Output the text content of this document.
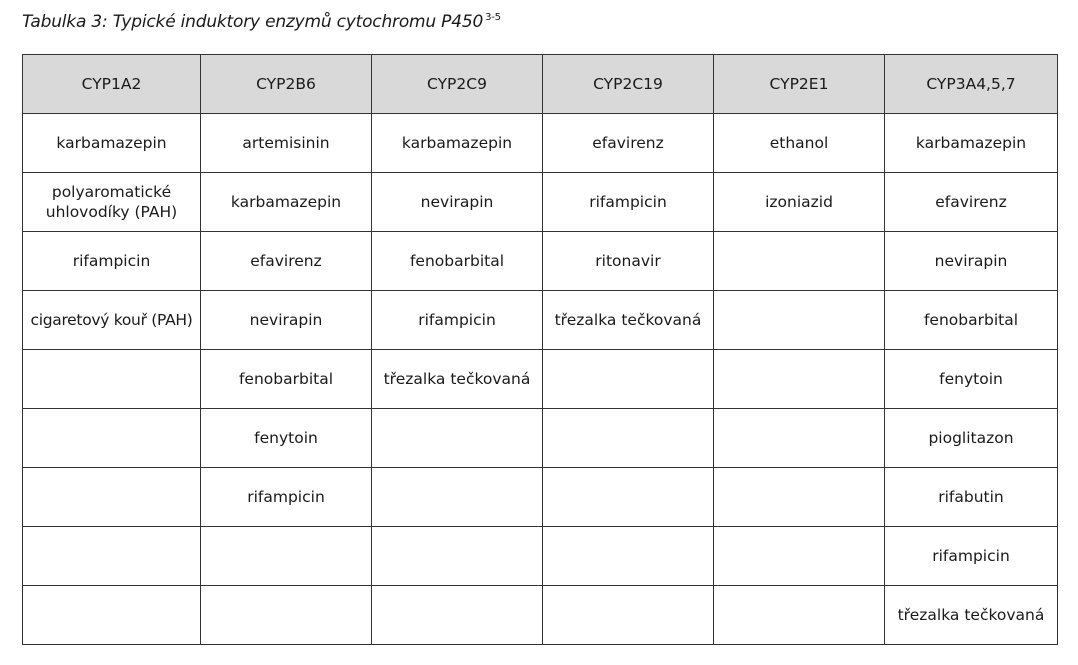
Tabulka 3: Typické induktory enzymů cytochromu P450 $^{3-5}$
CYP1A2	CYP2B6	CYP2C9	CYP2C19	CYP2E1	CYP3A4,5,7
karbamazepin	artemisinin	karbamazepin	efavirenz	ethanol	karbamazepin
polyaromatické uhlovodíky (PAH)	karbamazepin	nevirapin	rifampicin	izoniazid	efavirenz
rifampicin	efavirenz	fenobarbital	ritonavir		nevirapin
cigaretový kouř (PAH)	nevirapin	rifampicin	třezalka tečkovaná		fenobarbital
	fenobarbital	třezalka tečkovaná			fenytoin
	fenytoin				pioglitazon
	rifampicin				rifabutin
					rifampicin
					třezalka tečkovaná
